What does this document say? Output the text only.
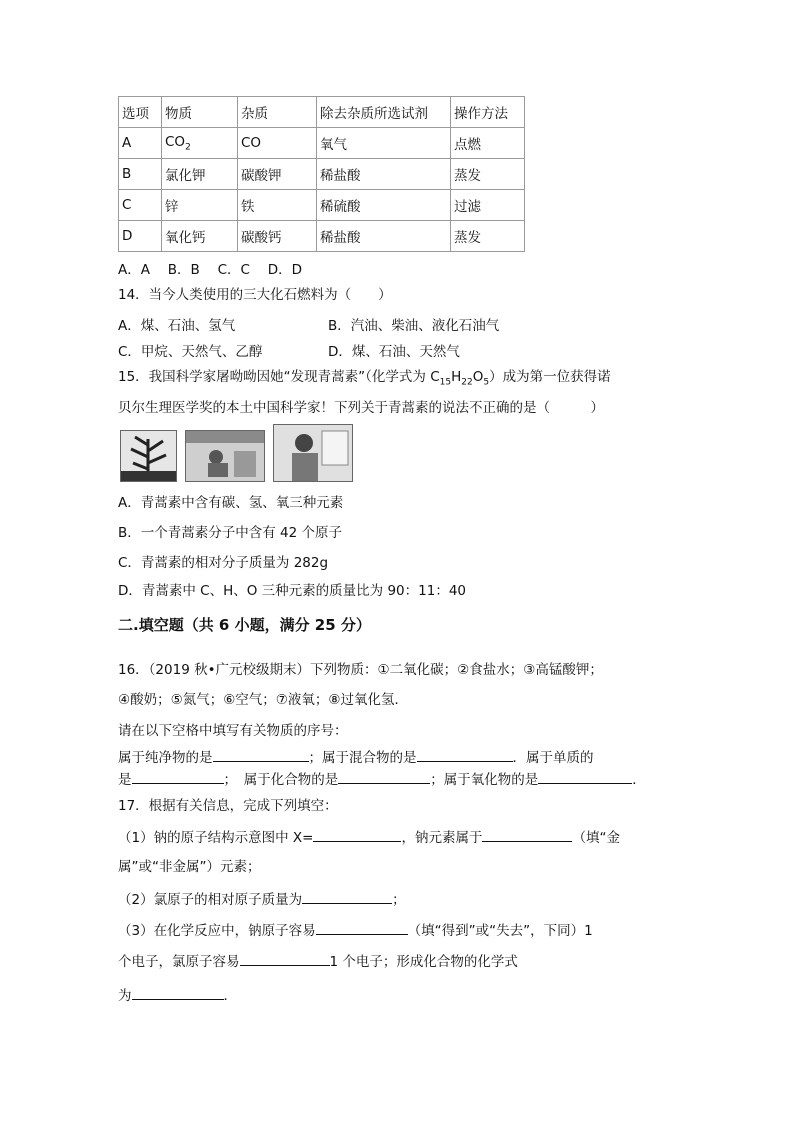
选项	物质	杂质	除去杂质所选试剂	操作方法
A	$CO_2$	CO	氧气	点燃
B	氯化钾	碳酸钾	稀盐酸	蒸发
C	锌	铁	稀硫酸	过滤
D	氧化钙	碳酸钙	稀盐酸	蒸发
A．A　 B．B　 C．C　 D．D
14．当今人类使用的三大化石燃料为（　　）
A．煤、石油、氢气	B．汽油、柴油、液化石油气
C．甲烷、天然气、乙醇	D．煤、石油、天然气
15．我国科学家屠呦呦因她“发现青蒿素”（化学式为 $C_{15}H_{22}O_5$）成为第一位获得诺
贝尔生理医学奖的本土中国科学家！下列关于青蒿素的说法不正确的是（　　　）
A．青蒿素中含有碳、氢、氧三种元素
B．一个青蒿素分子中含有 42 个原子
C．青蒿素的相对分子质量为 282g
D．青蒿素中 C、H、O 三种元素的质量比为 90：11：40
二.填空题（共 6 小题，满分 25 分）
16．（2019 秋•广元校级期末）下列物质：①二氧化碳；②食盐水；③高锰酸钾；
④酸奶；⑤氮气；⑥空气；⑦液氧；⑧过氧化氢．
请在以下空格中填写有关物质的序号：
属于纯净物的是	；属于混合物的是	．属于单质的
是	；　属于化合物的是	；属于氧化物的是	．
17．根据有关信息，完成下列填空：
（1）钠的原子结构示意图中 X=	，钠元素属于	（填“金
属”或“非金属”）元素；
（2）氯原子的相对原子质量为	；
（3）在化学反应中，钠原子容易	（填“得到”或“失去”，下同）1
个电子，氯原子容易	1 个电子；形成化合物的化学式
为	．
